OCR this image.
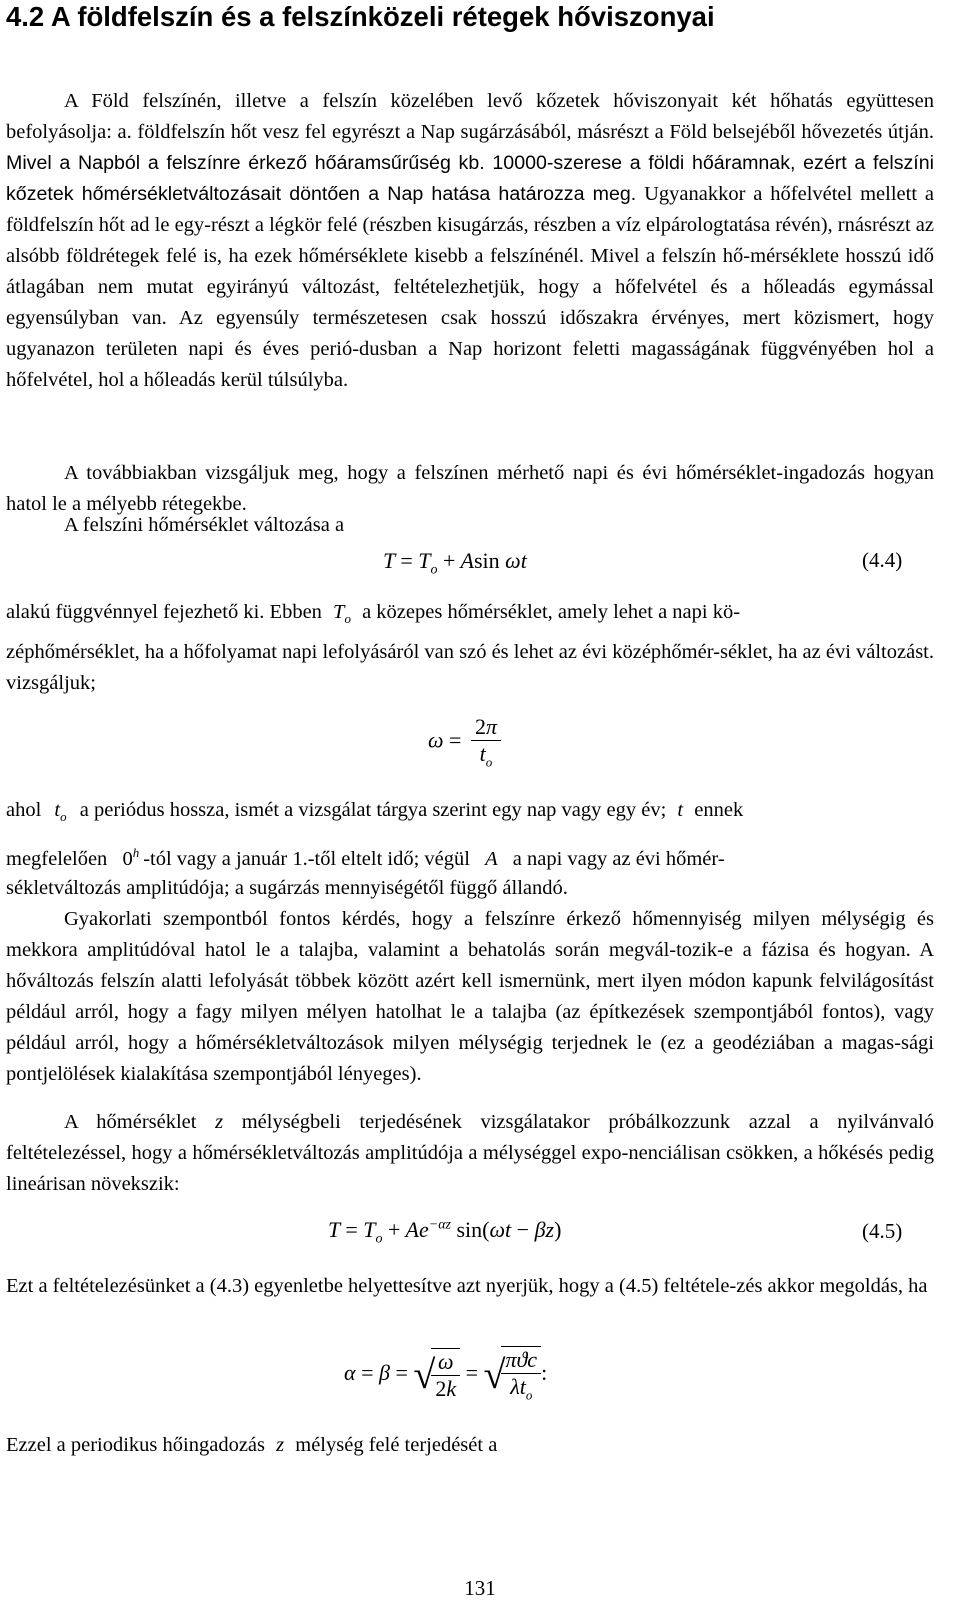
4.2 A földfelszín és a felszínközeli rétegek hőviszonyai

A Föld felszínén, illetve a felszín közelében levő kőzetek hőviszonyait két hőhatás együttesen befolyásolja: a. földfelszín hőt vesz fel egyrészt a Nap sugárzásából, másrészt a Föld belsejéből hővezetés útján. Mivel a Napból a felszínre érkező hőáramsűrűség kb. 10000-szerese a földi hőáramnak, ezért a felszíni kőzetek hőmérsékletváltozásait döntően a Nap hatása határozza meg. Ugyanakkor a hőfelvétel mellett a földfelszín hőt ad le egy-részt a légkör felé (részben kisugárzás, részben a víz elpárologtatása révén), rnásrészt az alsóbb földrétegek felé is, ha ezek hőmérséklete kisebb a felszínénél. Mivel a felszín hő-mérséklete hosszú idő átlagában nem mutat egyirányú változást, feltételezhetjük, hogy a hőfelvétel és a hőleadás egymással egyensúlyban van. Az egyensúly természetesen csak hosszú időszakra érvényes, mert közismert, hogy ugyanazon területen napi és éves perió-dusban a Nap horizont feletti magasságának függvényében hol a hőfelvétel, hol a hőleadás kerül túlsúlyba.

A továbbiakban vizsgáljuk meg, hogy a felszínen mérhető napi és évi hőmérséklet-ingadozás hogyan hatol le a mélyebb rétegekbe.

A felszíni hőmérséklet változása a

$T = T_o + Asin$ ωt	(4.4)
alakú függvénnyel fejezhető ki. Ebben $T_o$ a közepes hőmérséklet, amely lehet a napi kö-

zéphőmérséklet, ha a hőfolyamat napi lefolyásáról van szó és lehet az évi középhőmér-séklet, ha az évi változást. vizsgáljuk;

$\omega = \frac{2\pi}{t_o}$
ahol $t_o$ a periódus hossza, ismét a vizsgálat tárgya szerint egy nap vagy egy év; t ennek
megfelelően 0$^h$ -tól vagy a január 1.-től eltelt idő; végül A a napi vagy az évi hőmér-

sékletváltozás amplitúdója; a sugárzás mennyiségétől függő állandó.

Gyakorlati szempontból fontos kérdés, hogy a felszínre érkező hőmennyiség milyen mélységig és mekkora amplitúdóval hatol le a talajba, valamint a behatolás során megvál-tozik-e a fázisa és hogyan. A hőváltozás felszín alatti lefolyását többek között azért kell ismernünk, mert ilyen módon kapunk felvilágosítást például arról, hogy a fagy milyen mélyen hatolhat le a talajba (az építkezések szempontjából fontos), vagy például arról, hogy a hőmérsékletváltozások milyen mélységig terjednek le (ez a geodéziában a magas-sági pontjelölések kialakítása szempontjából lényeges).

A hőmérséklet z mélységbeli terjedésének vizsgálatakor próbálkozzunk azzal a nyilvánvaló feltételezéssel, hogy a hőmérsékletváltozás amplitúdója a mélységgel expo-nenciálisan csökken, a hőkésés pedig lineárisan növekszik:

$T = T_o + Ae^{-\alpha z}$ sin(ωt − βz)	(4.5)

Ezt a feltételezésünket a (4.3) egyenletbe helyettesítve azt nyerjük, hogy a (4.5) feltétele-zés akkor megoldás, ha

α = β = √
$\frac{\omega}{2k}$ = √
$\frac{\text{πϑc}}{\lambda t_o}$ :
Ezzel a periodikus hőingadozás z mélység felé terjedését a
131
